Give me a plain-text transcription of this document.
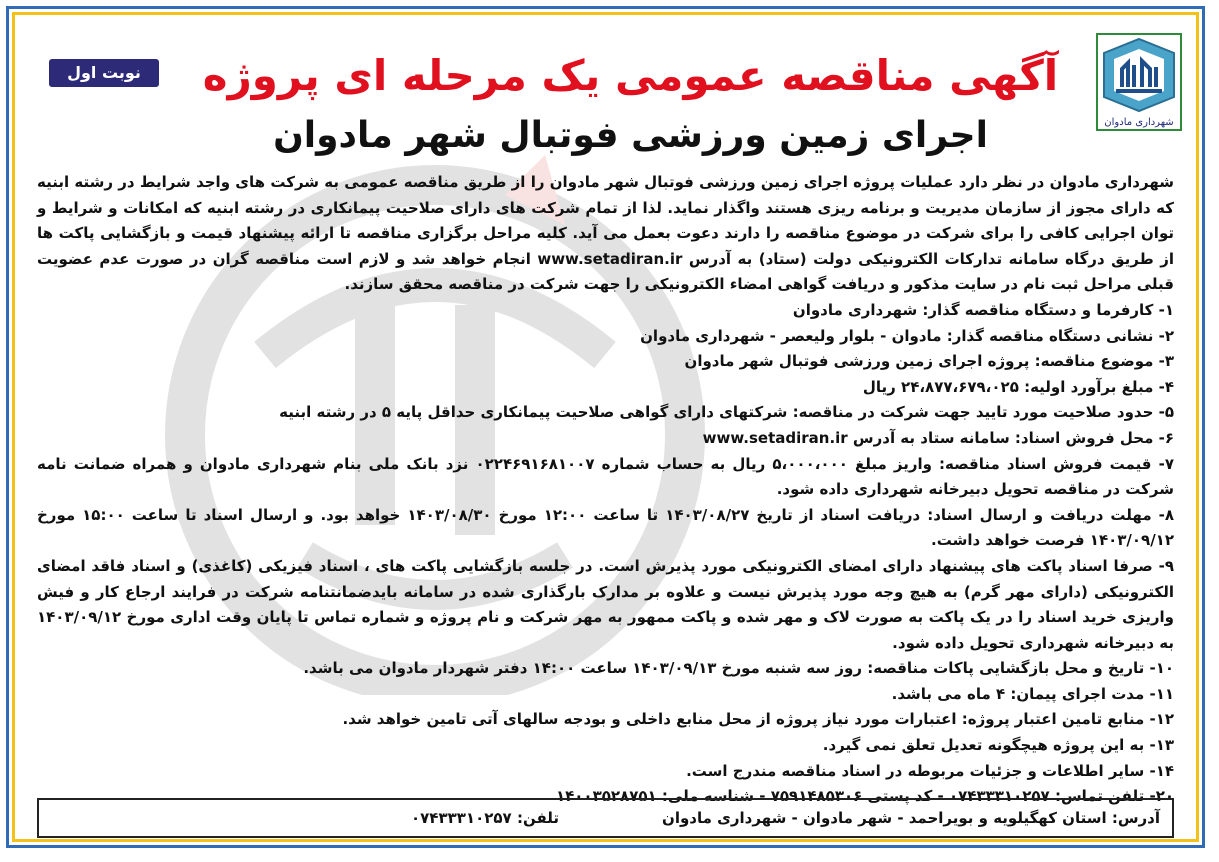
شهرداری مادوان
نوبت اول	آگهی مناقصه عمومی یک مرحله ای پروژه
اجرای زمین ورزشی فوتبال شهر مادوان

شهرداری مادوان در نظر دارد عملیات پروژه اجرای زمین ورزشی فوتبال شهر مادوان را از طریق مناقصه عمومی به شرکت های واجد شرایط در رشته ابنیه که دارای مجوز از سازمان مدیریت و برنامه ریزی هستند واگذار نماید. لذا از تمام شرکت های دارای صلاحیت پیمانکاری در رشته ابنیه که امکانات و شرایط و توان اجرایی کافی را برای شرکت در موضوع مناقصه را دارند دعوت بعمل می آید. کلیه مراحل برگزاری مناقصه تا ارائه پیشنهاد قیمت و بازگشایی پاکت ها از طریق درگاه سامانه تدارکات الکترونیکی دولت (ستاد) به آدرس www.setadiran.ir انجام خواهد شد و لازم است مناقصه گران در صورت عدم عضویت قبلی مراحل ثبت نام در سایت مذکور و دریافت گواهی امضاء الکترونیکی را جهت شرکت در مناقصه محقق سازند.

۱- کارفرما و دستگاه مناقصه گذار: شهرداری مادوان

۲- نشانی دستگاه مناقصه گذار: مادوان - بلوار ولیعصر - شهرداری مادوان

۳- موضوع مناقصه: پروژه اجرای زمین ورزشی فوتبال شهر مادوان

۴- مبلغ برآورد اولیه: ۲۴،۸۷۷،۶۷۹،۰۲۵ ریال

۵- حدود صلاحیت مورد تایید جهت شرکت در مناقصه: شرکتهای دارای گواهی صلاحیت پیمانکاری حداقل پایه ۵ در رشته ابنیه

۶- محل فروش اسناد: سامانه ستاد به آدرس www.setadiran.ir

۷- قیمت فروش اسناد مناقصه: واریز مبلغ ۵،۰۰۰،۰۰۰ ریال به حساب شماره ۰۲۲۴۶۹۱۶۸۱۰۰۷ نزد بانک ملی بنام شهرداری مادوان و همراه ضمانت نامه شرکت در مناقصه تحویل دبیرخانه شهرداری داده شود.

۸- مهلت دریافت و ارسال اسناد: دریافت اسناد از تاریخ ۱۴۰۳/۰۸/۲۷ تا ساعت ۱۲:۰۰ مورخ ۱۴۰۳/۰۸/۳۰ خواهد بود. و ارسال اسناد تا ساعت ۱۵:۰۰ مورخ ۱۴۰۳/۰۹/۱۲ فرصت خواهد داشت.

۹- صرفا اسناد پاکت های پیشنهاد دارای امضای الکترونیکی مورد پذیرش است. در جلسه بازگشایی پاکت های ، اسناد فیزیکی (کاغذی) و اسناد فاقد امضای الکترونیکی (دارای مهر گرم) به هیچ وجه مورد پذیرش نیست و علاوه بر مدارک بارگذاری شده در سامانه بایدضمانتنامه شرکت در فرایند ارجاع کار و فیش واریزی خرید اسناد را در یک پاکت به صورت لاک و مهر شده و پاکت ممهور به مهر شرکت و نام پروژه و شماره تماس تا پایان وقت اداری مورخ ۱۴۰۳/۰۹/۱۲ به دبیرخانه شهرداری تحویل داده شود.

۱۰- تاریخ و محل بازگشایی پاکات مناقصه: روز سه شنبه مورخ ۱۴۰۳/۰۹/۱۳ ساعت ۱۴:۰۰ دفتر شهردار مادوان می باشد.

۱۱- مدت اجرای پیمان: ۴ ماه می باشد.

۱۲- منابع تامین اعتبار پروژه: اعتبارات مورد نیاز پروژه از محل منابع داخلی و بودجه سالهای آتی تامین خواهد شد.

۱۳- به این پروژه هیچگونه تعدیل تعلق نمی گیرد.

۱۴- سایر اطلاعات و جزئیات مربوطه در اسناد مناقصه مندرج است.

۲۰- تلفن تماس: ۰۷۴۳۳۳۱۰۲۵۷ - کد پستی ۷۵۹۱۴۸۵۳۰۶ - شناسه ملی: ۱۴۰۰۳۵۲۸۷۵۱

آدرس: استان کهگیلویه و بویراحمد - شهر مادوان - شهرداری مادوان
تلفن: ۰۷۴۳۳۳۱۰۲۵۷
